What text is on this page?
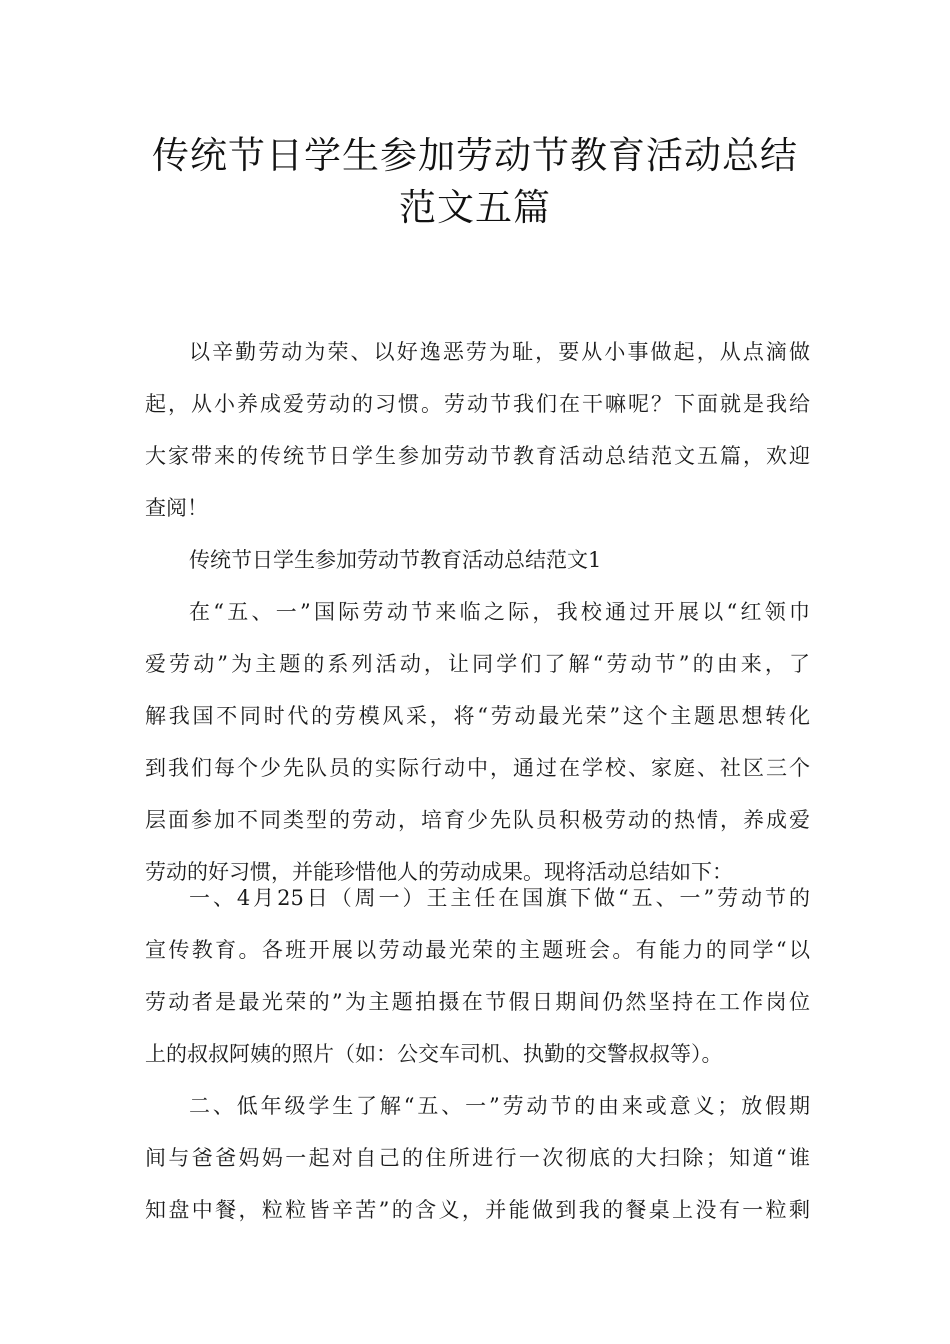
传统节日学生参加劳动节教育活动总结
范文五篇
以辛勤劳动为荣、以好逸恶劳为耻，要从小事做起，从点滴做
起，从小养成爱劳动的习惯。劳动节我们在干嘛呢？下面就是我给
大家带来的传统节日学生参加劳动节教育活动总结范文五篇，欢迎
查阅！
传统节日学生参加劳动节教育活动总结范文1
在“五、一”国际劳动节来临之际，我校通过开展以“红领巾
爱劳动”为主题的系列活动，让同学们了解“劳动节”的由来，了
解我国不同时代的劳模风采，将“劳动最光荣”这个主题思想转化
到我们每个少先队员的实际行动中，通过在学校、家庭、社区三个
层面参加不同类型的劳动，培育少先队员积极劳动的热情，养成爱
劳动的好习惯，并能珍惜他人的劳动成果。现将活动总结如下：
一、4月25日（周一）王主任在国旗下做“五、一”劳动节的
宣传教育。各班开展以劳动最光荣的主题班会。有能力的同学“以
劳动者是最光荣的”为主题拍摄在节假日期间仍然坚持在工作岗位
上的叔叔阿姨的照片（如：公交车司机、执勤的交警叔叔等）。
二、低年级学生了解“五、一”劳动节的由来或意义；放假期
间与爸爸妈妈一起对自己的住所进行一次彻底的大扫除；知道“谁
知盘中餐，粒粒皆辛苦”的含义，并能做到我的餐桌上没有一粒剩
